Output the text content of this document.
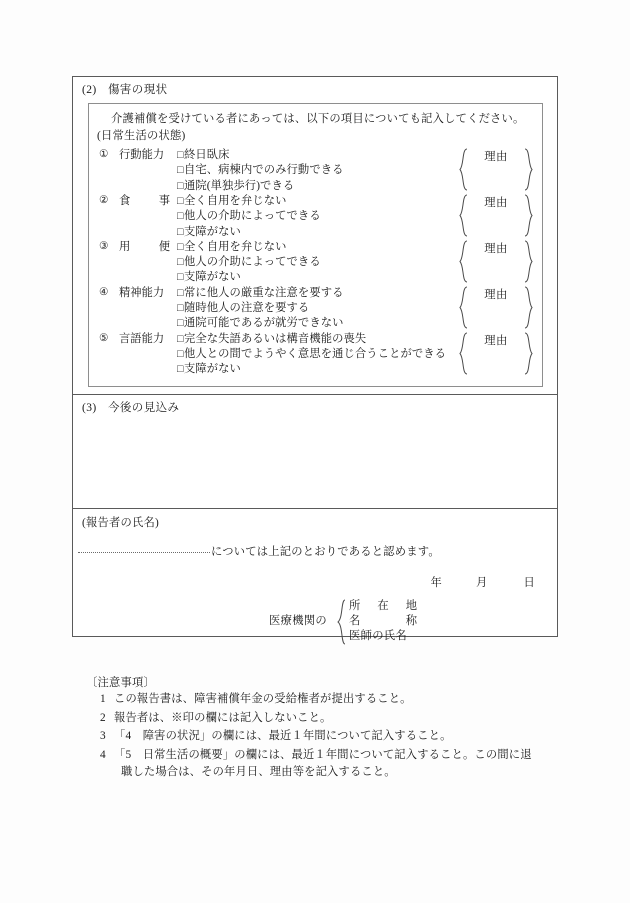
(2) 傷害の現状
介護補償を受けている者にあっては、以下の項目についても記入してください。
(日常生活の状態)
① 行動能力	□終日臥床
□自宅、病棟内でのみ行動できる
□通院(単独歩行)できる
理由
② 食	事 □全く自用を弁じない
□他人の介助によってできる
□支障がない
理由
③ 用	便 □全く自用を弁じない
□他人の介助によってできる
□支障がない
理由
④ 精神能力	□常に他人の厳重な注意を要する
□随時他人の注意を要する
□通院可能であるが就労できない
理由
⑤ 言語能力	□完全な失語あるいは構音機能の喪失
□他人との間でようやく意思を通じ合うことができる
□支障がない
理由
(3) 今後の見込み
(報告者の氏名)
については上記のとおりであると認めます。
年	月	日
医療機関の
所 在 地
名	称
医師の氏名
〔注意事項〕
1 この報告書は、障害補償年金の受給権者が提出すること。
2 報告者は、※印の欄には記入しないこと。
3 「4　障害の状況」の欄には、最近１年間について記入すること。
4 「5　日常生活の概要」の欄には、最近１年間について記入すること。この間に退
職した場合は、その年月日、理由等を記入すること。
